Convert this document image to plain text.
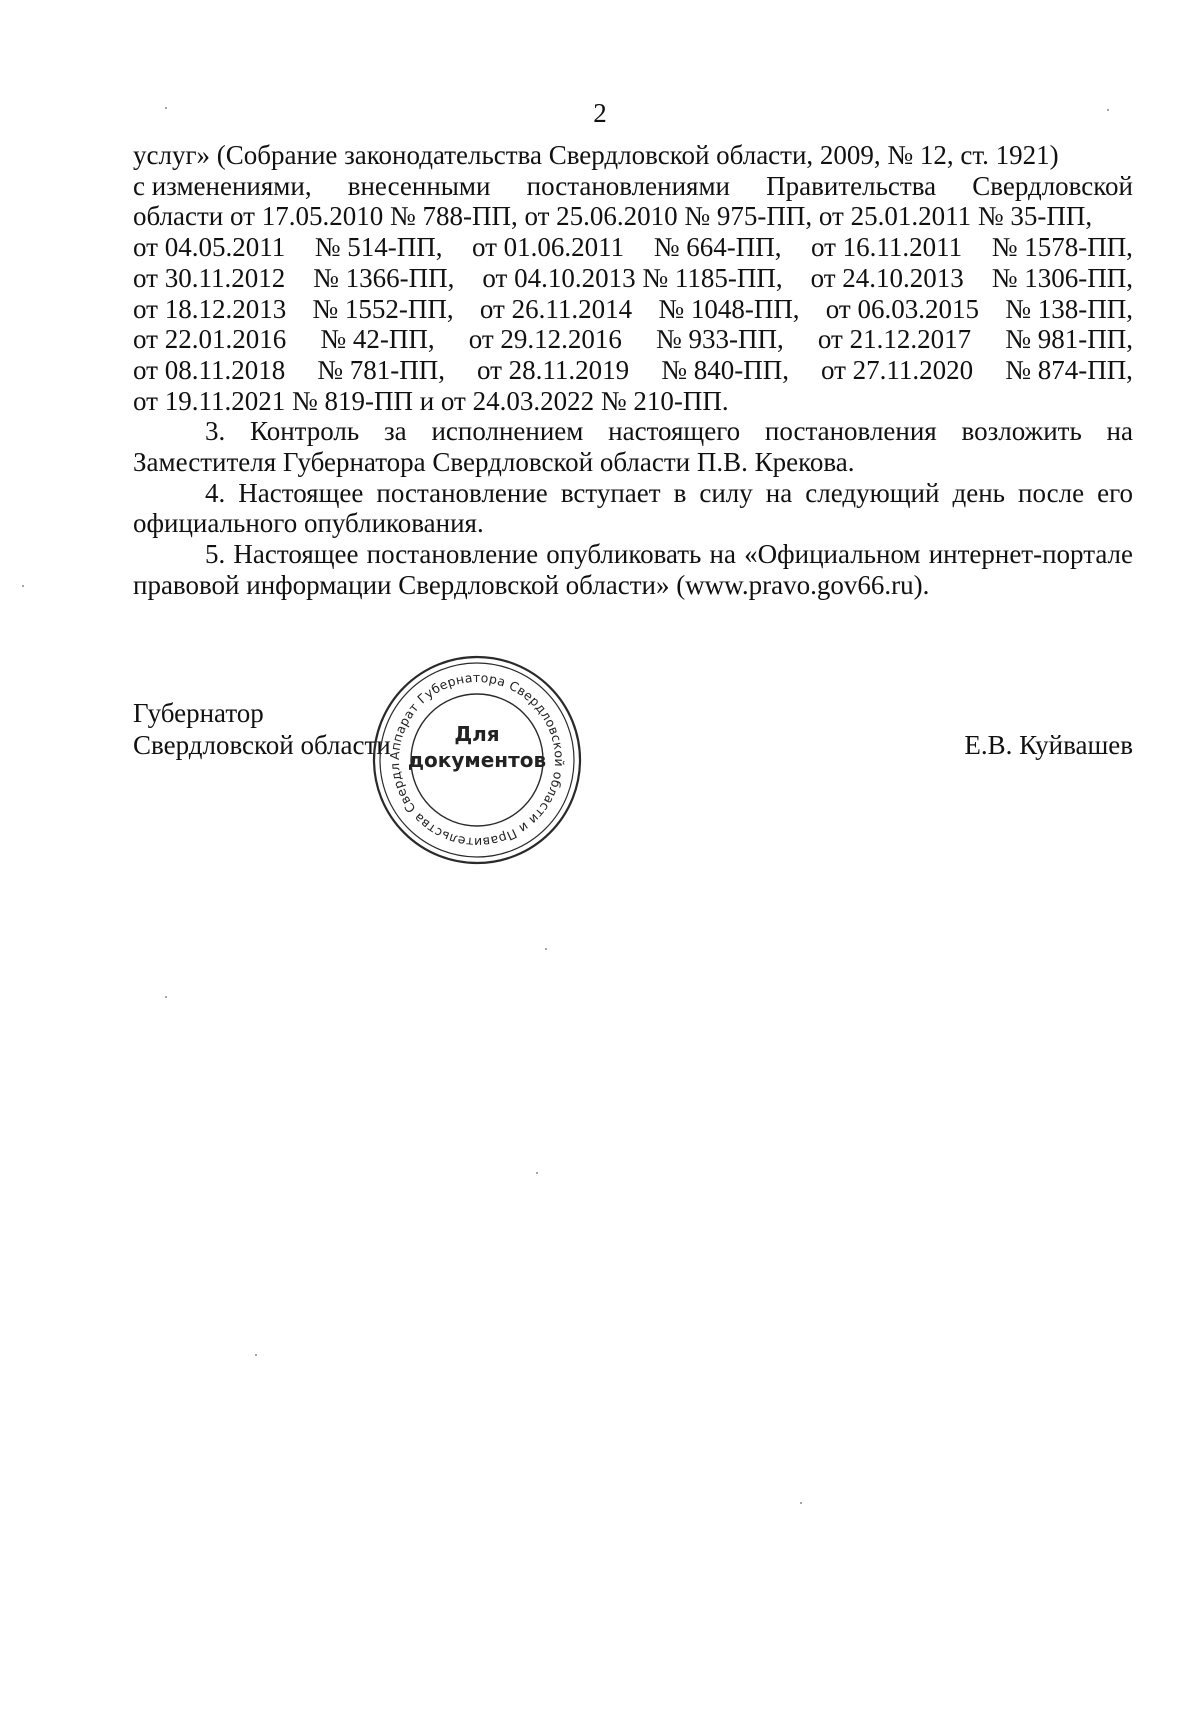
2
услуг» (Собрание законодательства Свердловской области, 2009, № 12, ст. 1921)
с изменениями, внесенными постановлениями Правительства Свердловской
области от 17.05.2010 № 788-ПП, от 25.06.2010 № 975-ПП, от 25.01.2011 № 35-ПП,
от 04.05.2011 № 514-ПП, от 01.06.2011 № 664-ПП, от 16.11.2011 № 1578-ПП,
от 30.11.2012 № 1366-ПП, от 04.10.2013 № 1185-ПП, от 24.10.2013 № 1306-ПП,
от 18.12.2013 № 1552-ПП, от 26.11.2014 № 1048-ПП, от 06.03.2015 № 138-ПП,
от 22.01.2016 № 42-ПП, от 29.12.2016 № 933-ПП, от 21.12.2017 № 981-ПП,
от 08.11.2018 № 781-ПП, от 28.11.2019 № 840-ПП, от 27.11.2020 № 874-ПП,
от 19.11.2021 № 819-ПП и от 24.03.2022 № 210-ПП.

3. Контроль за исполнением настоящего постановления возложить на Заместителя Губернатора Свердловской области П.В. Крекова.

4. Настоящее постановление вступает в силу на следующий день после его официального опубликования.

5. Настоящее постановление опубликовать на «Официальном интернет-портале правовой информации Свердловской области» (www.pravo.gov66.ru).

Губернатор
Свердловской области	Е.В. Куйвашев
Аппарат Губернатора Свердловской области и Правительства Свердл
Для
документов
